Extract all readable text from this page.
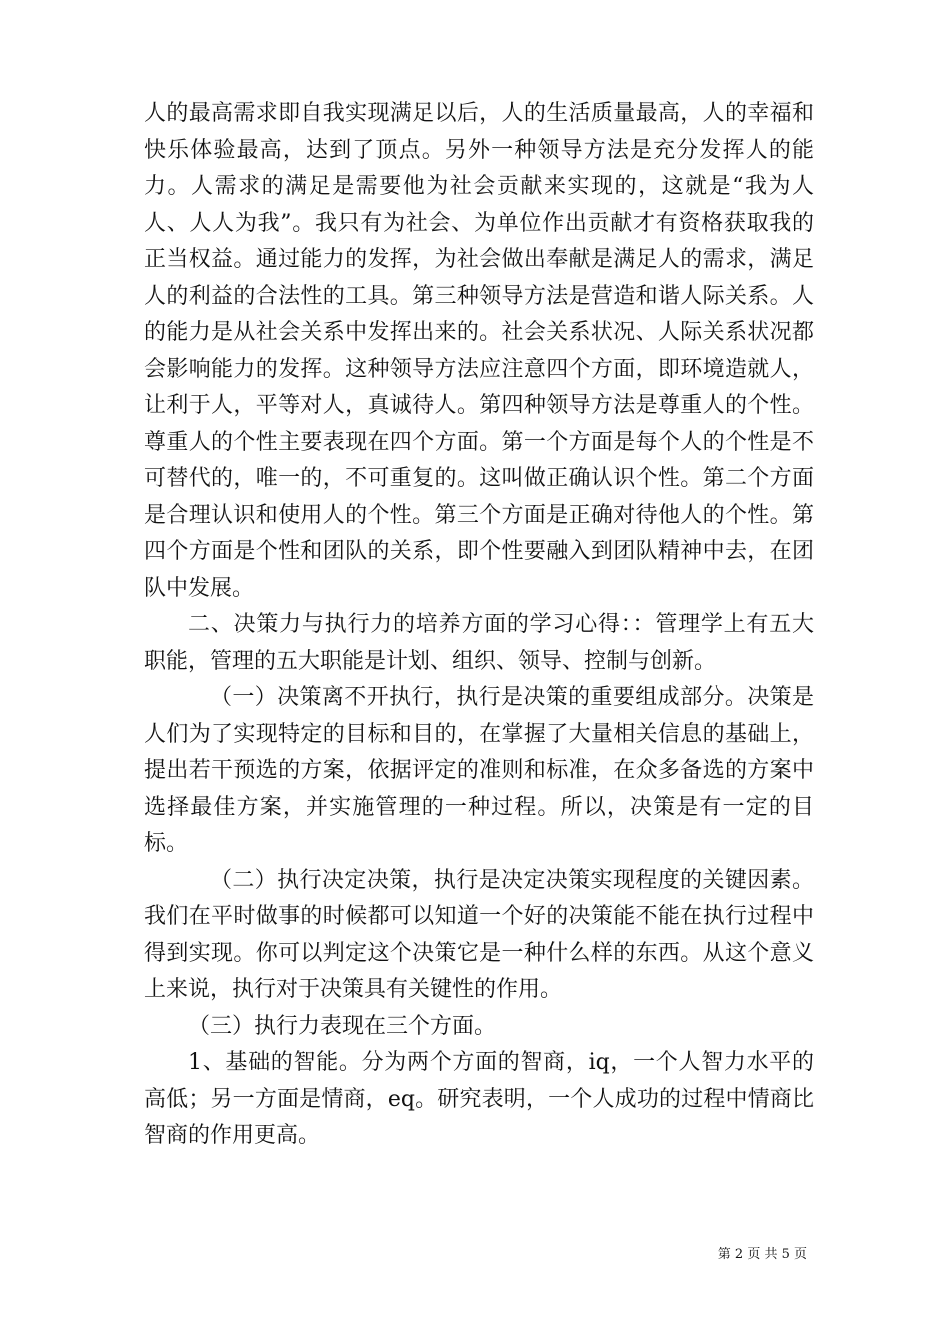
人的最高需求即自我实现满足以后，人的生活质量最高，人的幸福和快乐体验最高，达到了顶点。另外一种领导方法是充分发挥人的能力。人需求的满足是需要他为社会贡献来实现的，这就是“我为人人、人人为我”。我只有为社会、为单位作出贡献才有资格获取我的正当权益。通过能力的发挥，为社会做出奉献是满足人的需求，满足人的利益的合法性的工具。第三种领导方法是营造和谐人际关系。人的能力是从社会关系中发挥出来的。社会关系状况、人际关系状况都会影响能力的发挥。这种领导方法应注意四个方面，即环境造就人，让利于人，平等对人，真诚待人。第四种领导方法是尊重人的个性。尊重人的个性主要表现在四个方面。第一个方面是每个人的个性是不可替代的，唯一的，不可重复的。这叫做正确认识个性。第二个方面是合理认识和使用人的个性。第三个方面是正确对待他人的个性。第四个方面是个性和团队的关系，即个性要融入到团队精神中去，在团队中发展。

二、决策力与执行力的培养方面的学习心得：：管理学上有五大职能，管理的五大职能是计划、组织、领导、控制与创新。

（一）决策离不开执行，执行是决策的重要组成部分。决策是人们为了实现特定的目标和目的，在掌握了大量相关信息的基础上，提出若干预选的方案，依据评定的准则和标准，在众多备选的方案中选择最佳方案，并实施管理的一种过程。所以，决策是有一定的目标。

（二）执行决定决策，执行是决定决策实现程度的关键因素。我们在平时做事的时候都可以知道一个好的决策能不能在执行过程中得到实现。你可以判定这个决策它是一种什么样的东西。从这个意义上来说，执行对于决策具有关键性的作用。

（三）执行力表现在三个方面。

1、基础的智能。分为两个方面的智商，iq，一个人智力水平的高低；另一方面是情商，eq。研究表明，一个人成功的过程中情商比智商的作用更高。

第 2 页 共 5 页
